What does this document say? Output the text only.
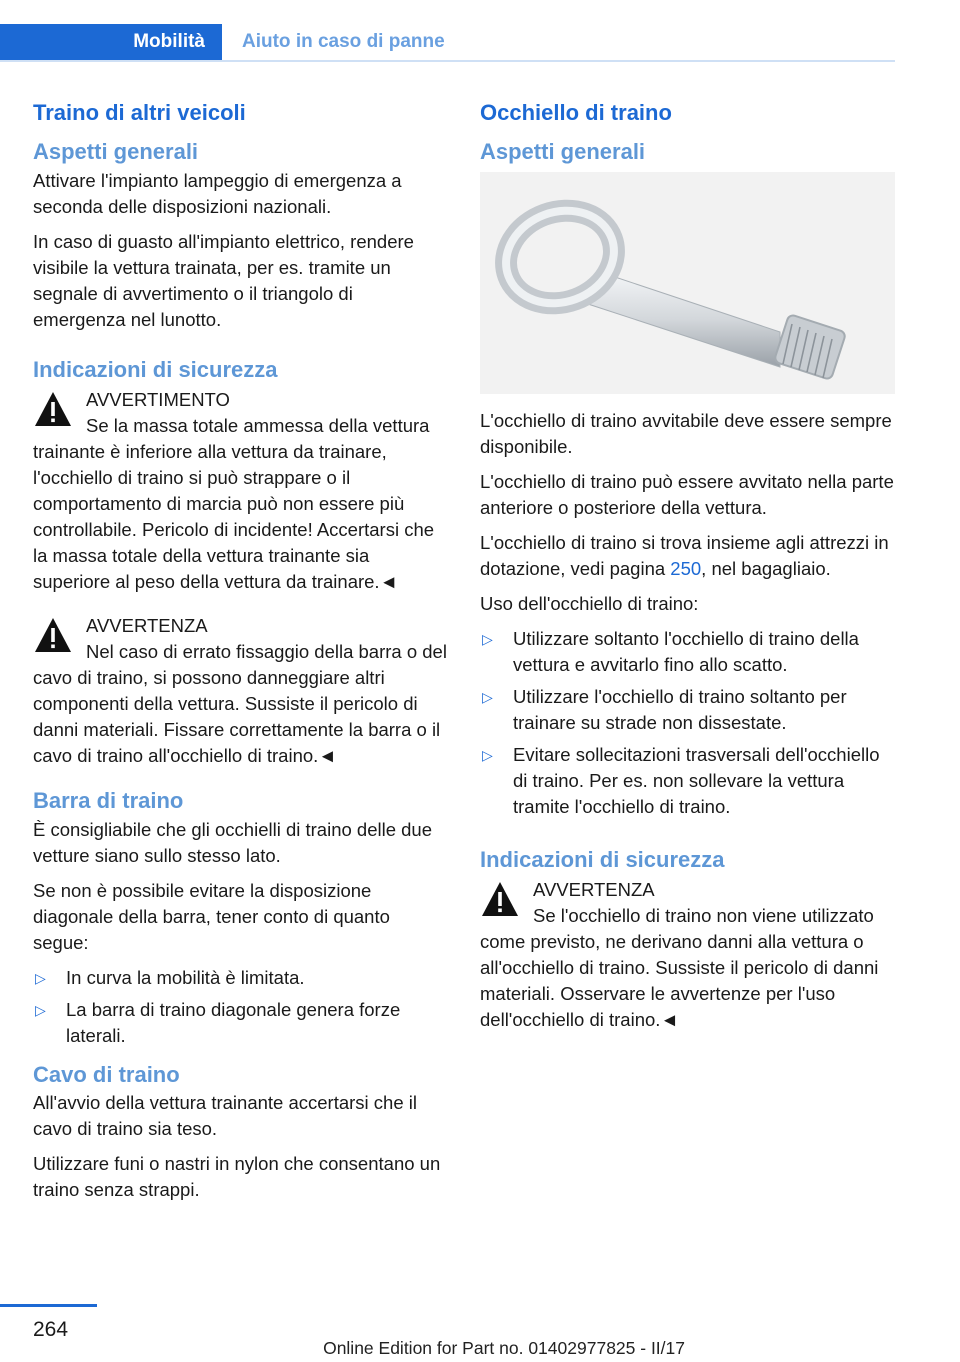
Mobilità	Aiuto in caso di panne
Traino di altri veicoli
Aspetti generali

Attivare l'impianto lampeggio di emergenza a seconda delle disposizioni nazionali.

In caso di guasto all'impianto elettrico, rendere visibile la vettura trainata, per es. tramite un segnale di avvertimento o il triangolo di emergenza nel lunotto.

Indicazioni di sicurezza
AVVERTIMENTO
Se la massa totale ammessa della vettura trainante è inferiore alla vettura da trainare, l'occhiello di traino si può strappare o il comportamento di marcia può non essere più controllabile. Pericolo di incidente! Accertarsi che la massa totale della vettura trainante sia superiore al peso della vettura da trainare.◄
AVVERTENZA
Nel caso di errato fissaggio della barra o del cavo di traino, si possono danneggiare altri componenti della vettura. Sussiste il pericolo di danni materiali. Fissare correttamente la barra o il cavo di traino all'occhiello di traino.◄
Barra di traino

È consigliabile che gli occhielli di traino delle due vetture siano sullo stesso lato.

Se non è possibile evitare la disposizione diagonale della barra, tener conto di quanto segue:

▷ In curva la mobilità è limitata.
▷ La barra di traino diagonale genera forze laterali.
Cavo di traino

All'avvio della vettura trainante accertarsi che il cavo di traino sia teso.

Utilizzare funi o nastri in nylon che consentano un traino senza strappi.

Occhiello di traino
Aspetti generali

L'occhiello di traino avvitabile deve essere sempre disponibile.

L'occhiello di traino può essere avvitato nella parte anteriore o posteriore della vettura.

L'occhiello di traino si trova insieme agli attrezzi in dotazione, vedi pagina 250, nel bagagliaio.

Uso dell'occhiello di traino:

▷ Utilizzare soltanto l'occhiello di traino della vettura e avvitarlo fino allo scatto.
▷ Utilizzare l'occhiello di traino soltanto per trainare su strade non dissestate.
▷ Evitare sollecitazioni trasversali dell'occhiello di traino. Per es. non sollevare la vettura tramite l'occhiello di traino.
Indicazioni di sicurezza
AVVERTENZA
Se l'occhiello di traino non viene utilizzato come previsto, ne derivano danni alla vettura o all'occhiello di traino. Sussiste il pericolo di danni materiali. Osservare le avvertenze per l'uso dell'occhiello di traino.◄
264
Online Edition for Part no. 01402977825 - II/17
